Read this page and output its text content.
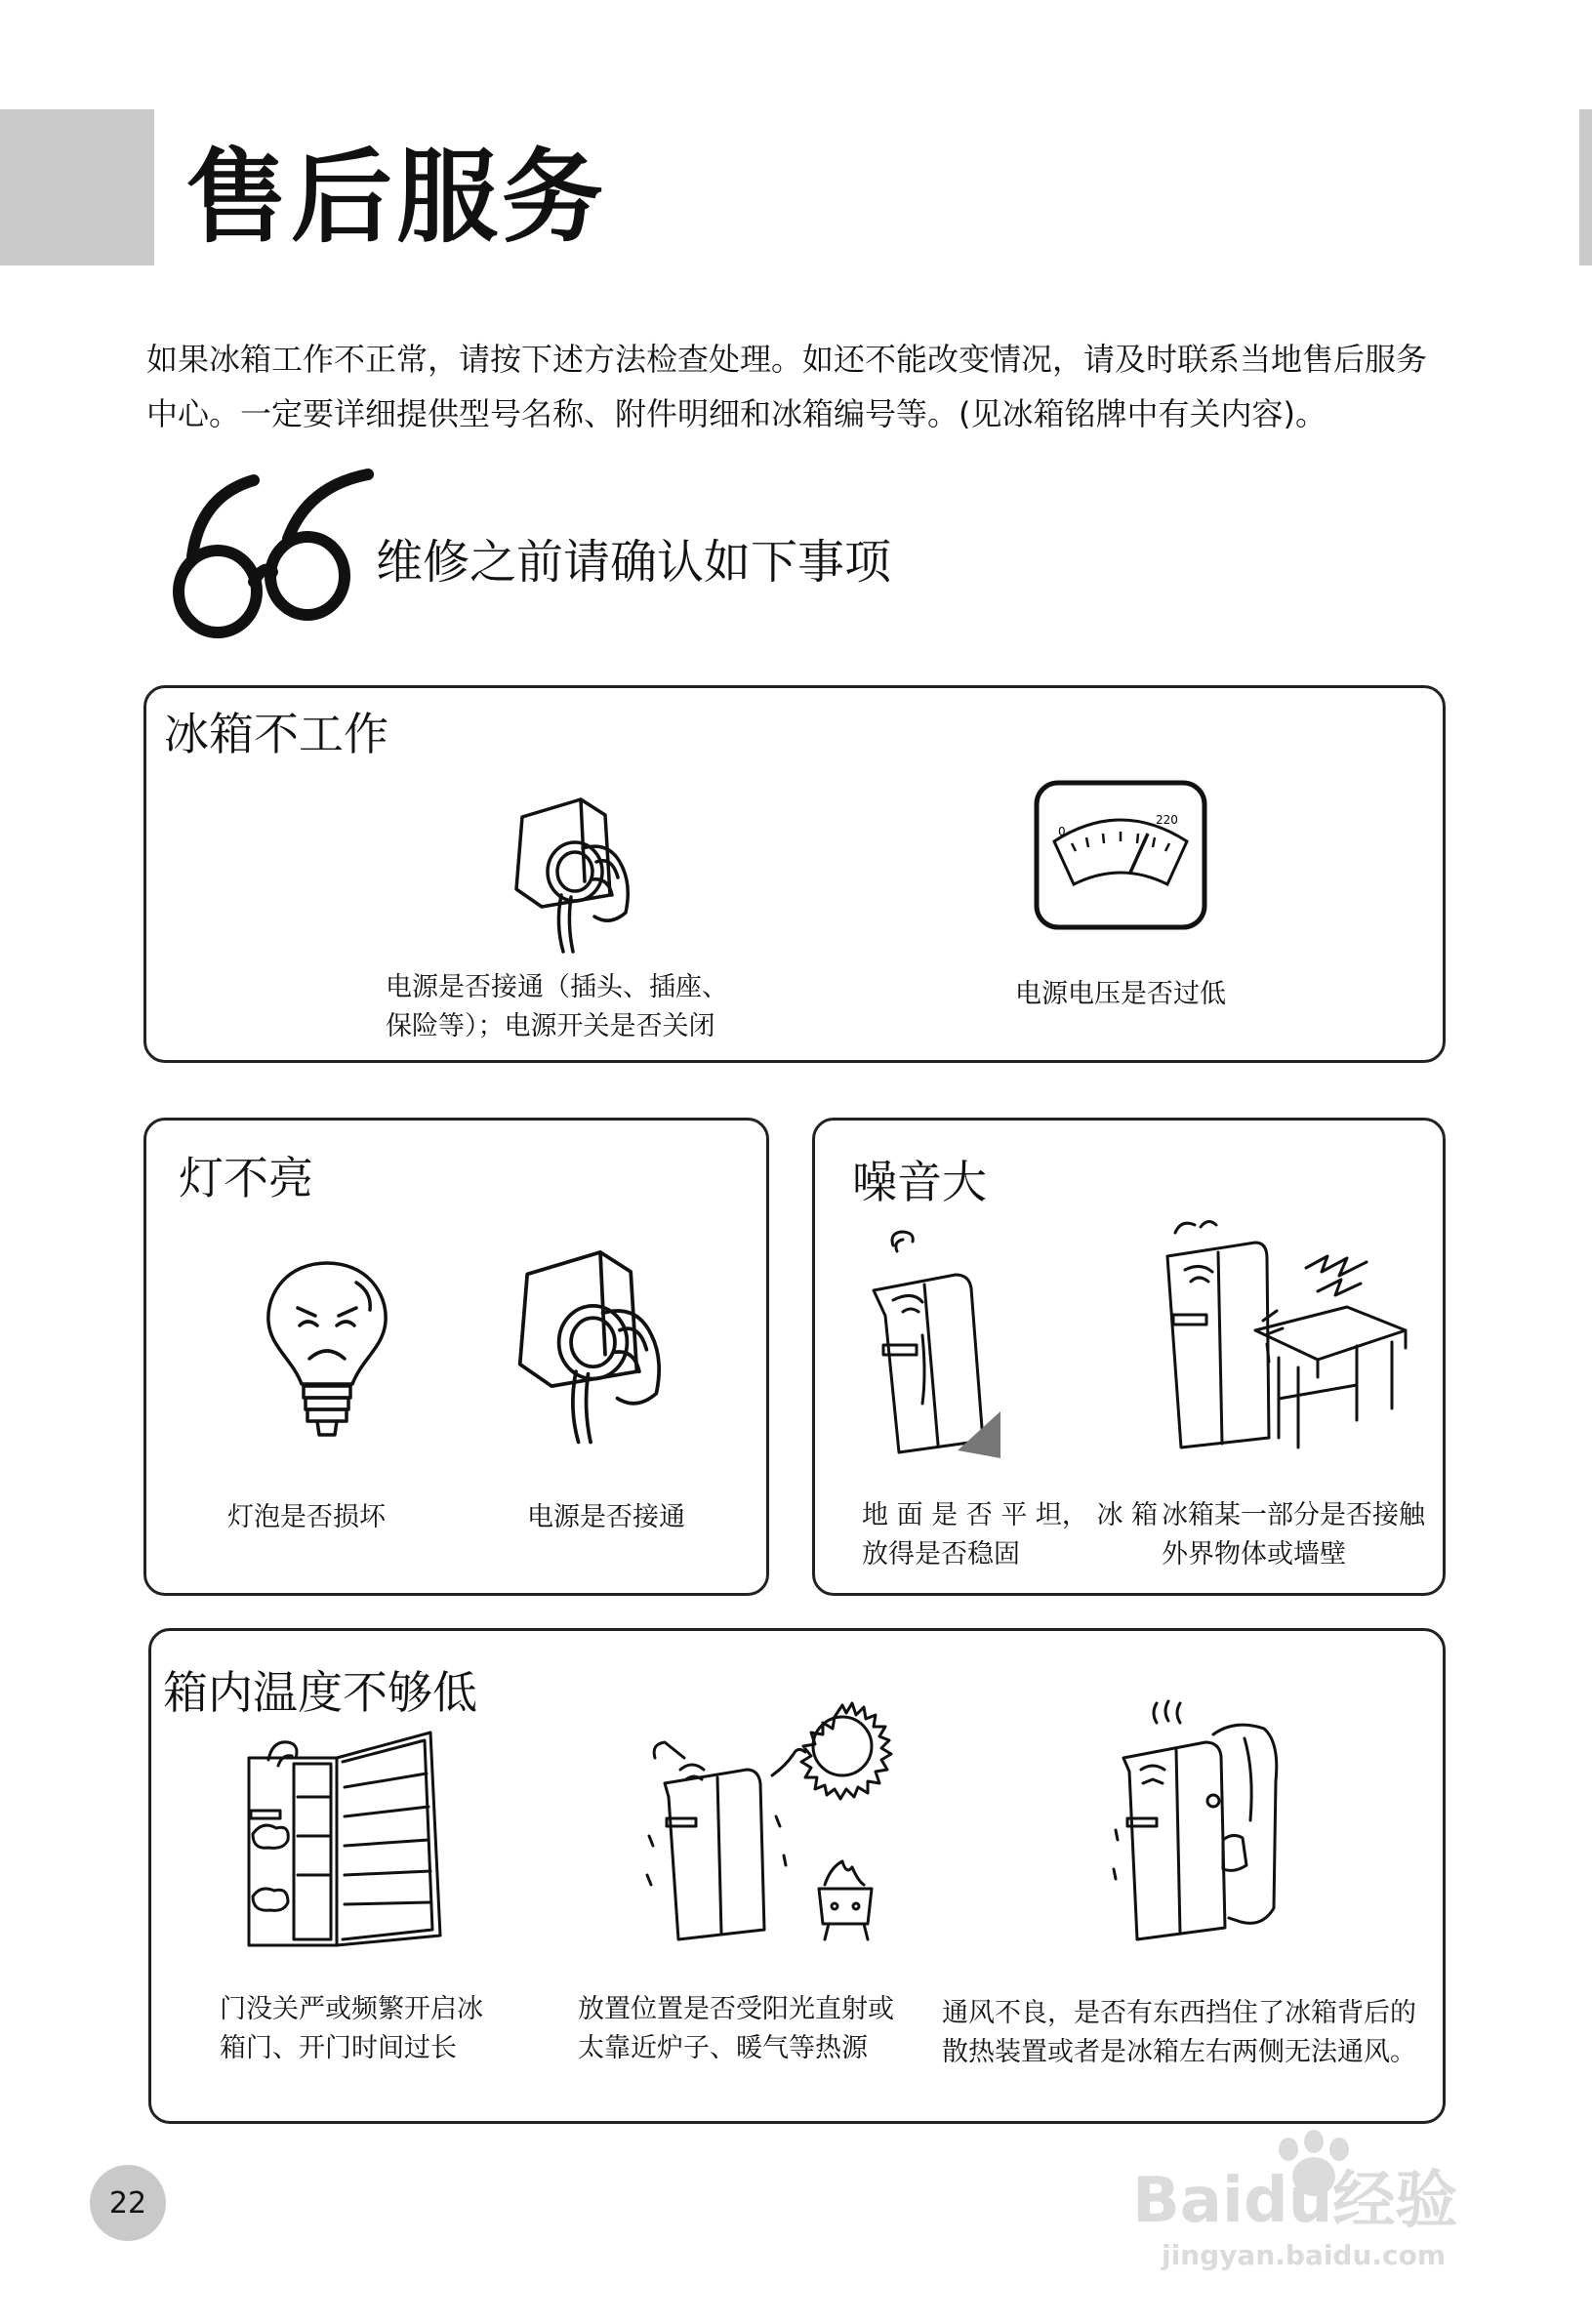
售后服务
如果冰箱工作不正常，请按下述方法检查处理。如还不能改变情况，请及时联系当地售后服务
中心。一定要详细提供型号名称、附件明细和冰箱编号等。(见冰箱铭牌中有关内容)。
维修之前请确认如下事项
冰箱不工作
电源是否接通（插头、插座、
保险等）；电源开关是否关闭
0
220
电源电压是否过低
灯不亮
灯泡是否损坏	电源是否接通
噪音大
地 面 是 否 平 坦， 冰 箱
放得是否稳固
冰箱某一部分是否接触
外界物体或墙壁
箱内温度不够低
门没关严或频繁开启冰
箱门、开门时间过长
放置位置是否受阳光直射或
太靠近炉子、暖气等热源
通风不良，是否有东西挡住了冰箱背后的
散热装置或者是冰箱左右两侧无法通风。
22	Baidu经验
jingyan.baidu.com
